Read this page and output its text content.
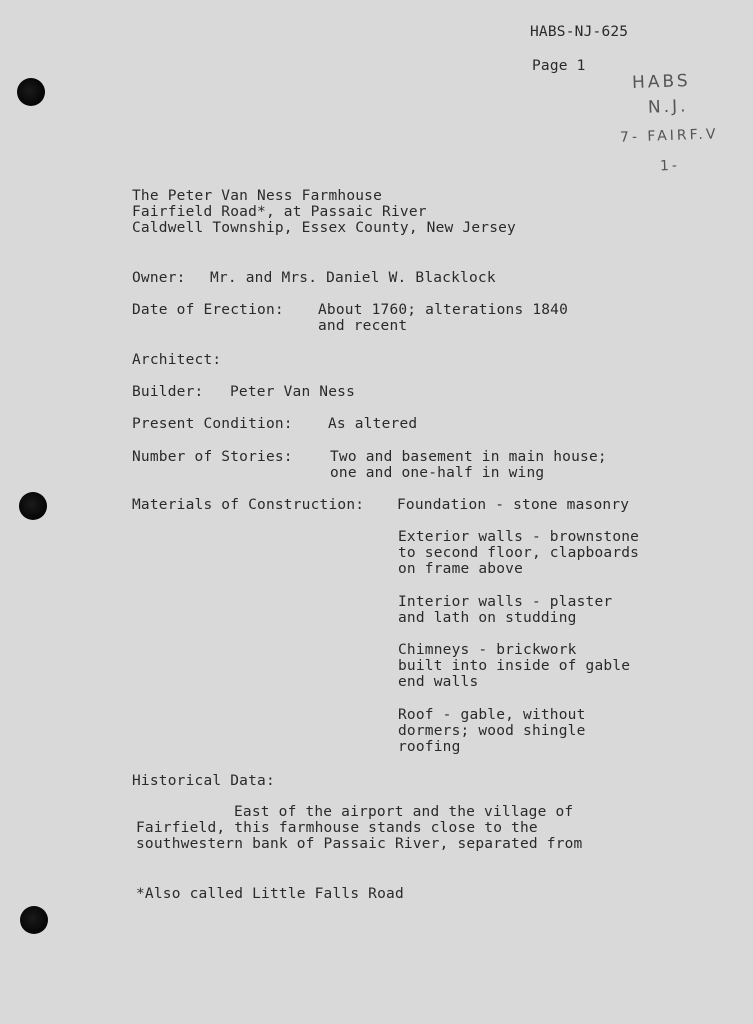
HABS-NJ-625
Page 1
HABS
N.J.
7- FAIRF.V
1-
The Peter Van Ness Farmhouse
Fairfield Road*, at Passaic River
Caldwell Township, Essex County, New Jersey
Owner: Mr. and Mrs. Daniel W. Blacklock
Date of Erection: About 1760; alterations 1840
and recent
Architect:
Builder: Peter Van Ness
Present Condition: As altered
Number of Stories:	Two and basement in main house;
one and one-half in wing
Materials of Construction: Foundation - stone masonry
Exterior walls - brownstone
to second floor, clapboards
on frame above
Interior walls - plaster
and lath on studding
Chimneys - brickwork
built into inside of gable
end walls
Roof - gable, without
dormers; wood shingle
roofing
Historical Data:
East of the airport and the village of
Fairfield, this farmhouse stands close to the
southwestern bank of Passaic River, separated from
*Also called Little Falls Road
